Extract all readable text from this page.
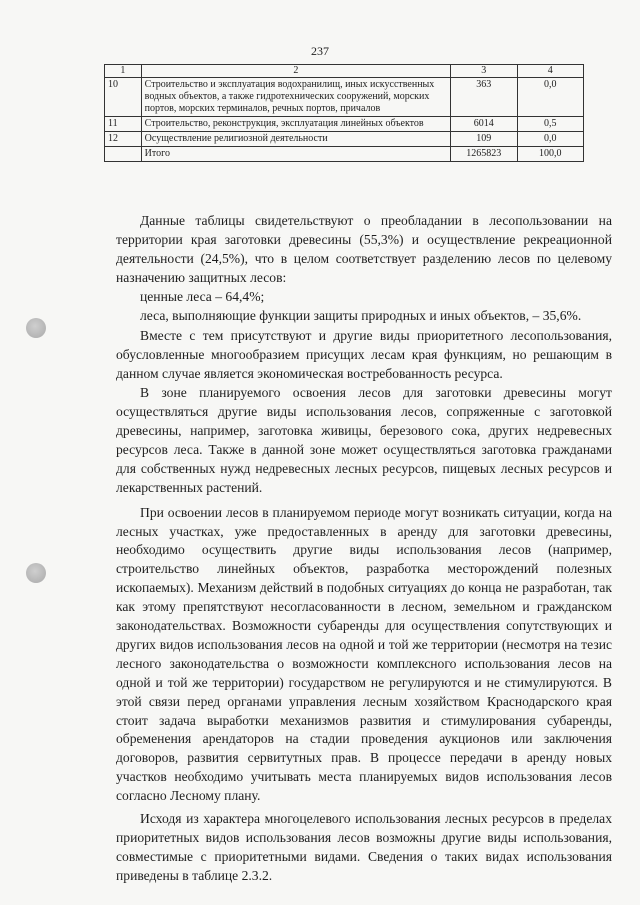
237
1	2	3	4
10	Строительство и эксплуатация водохранилищ, иных искусственных водных объектов, а также гидротехнических сооружений, морских портов, морских терминалов, речных портов, причалов	363	0,0
11	Строительство, реконструкция, эксплуатация линейных объектов	6014	0,5
12	Осуществление религиозной деятельности	109	0,0
	Итого	1265823	100,0

Данные таблицы свидетельствуют о преобладании в лесопользовании на территории края заготовки древесины (55,3%) и осуществление рекреационной деятельности (24,5%), что в целом соответствует разделению лесов по целевому назначению защитных лесов:

ценные леса – 64,4%;

леса, выполняющие функции защиты природных и иных объектов, – 35,6%.

Вместе с тем присутствуют и другие виды приоритетного лесопользования, обусловленные многообразием присущих лесам края функциям, но решающим в данном случае является экономическая востребованность ресурса.

В зоне планируемого освоения лесов для заготовки древесины могут осуществляться другие виды использования лесов, сопряженные с заготовкой древесины, например, заготовка живицы, березового сока, других недревесных ресурсов леса. Также в данной зоне может осуществляться заготовка гражданами для собственных нужд недревесных лесных ресурсов, пищевых лесных ресурсов и лекарственных растений.

При освоении лесов в планируемом периоде могут возникать ситуации, когда на лесных участках, уже предоставленных в аренду для заготовки древесины, необходимо осуществить другие виды использования лесов (например, строительство линейных объектов, разработка месторождений полезных ископаемых). Механизм действий в подобных ситуациях до конца не разработан, так как этому препятствуют несогласованности в лесном, земельном и гражданском законодательствах. Возможности субаренды для осуществления сопутствующих и других видов использования лесов на одной и той же территории (несмотря на тезис лесного законодательства о возможности комплексного использования лесов на одной и той же территории) государством не регулируются и не стимулируются. В этой связи перед органами управления лесным хозяйством Краснодарского края стоит задача выработки механизмов развития и стимулирования субаренды, обременения арендаторов на стадии проведения аукционов или заключения договоров, развития сервитутных прав. В процессе передачи в аренду новых участков необходимо учитывать места планируемых видов использования лесов согласно Лесному плану.

Исходя из характера многоцелевого использования лесных ресурсов в пределах приоритетных видов использования лесов возможны другие виды использования, совместимые с приоритетными видами. Сведения о таких видах использования приведены в таблице 2.3.2.
